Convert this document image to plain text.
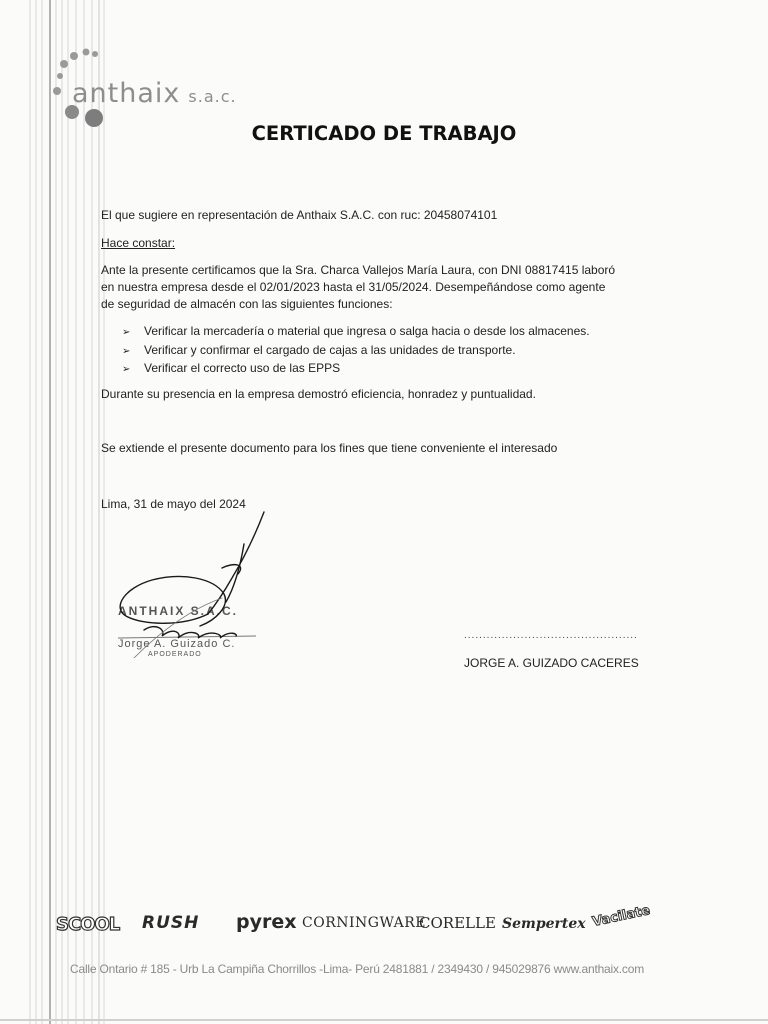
anthaix s.a.c.
CERTICADO DE TRABAJO
El que sugiere en representación de Anthaix S.A.C. con ruc: 20458074101
Hace constar:
Ante la presente certificamos que la Sra. Charca Vallejos María Laura, con DNI 08817415 laboró
en nuestra empresa desde el 02/01/2023 hasta el 31/05/2024. Desempeñándose como agente
de seguridad de almacén con las siguientes funciones:
➢ Verificar la mercadería o material que ingresa o salga hacia o desde los almacenes.
➢ Verificar y confirmar el cargado de cajas a las unidades de transporte.
➢ Verificar el correcto uso de las EPPS
Durante su presencia en la empresa demostró eficiencia, honradez y puntualidad.
Se extiende el presente documento para los fines que tiene conveniente el interesado
Lima, 31 de mayo del 2024
ANTHAIX S.A.C.
Jorge A. Guizado C.
APODERADO
..............................................
JORGE A. GUIZADO CACERES
SCOOL RUSH pyrex CORNINGWARE
CORELLE Sempertex Vacilate
Calle Ontario # 185 - Urb La Campiña Chorrillos -Lima- Perú 2481881 / 2349430 / 945029876 www.anthaix.com
